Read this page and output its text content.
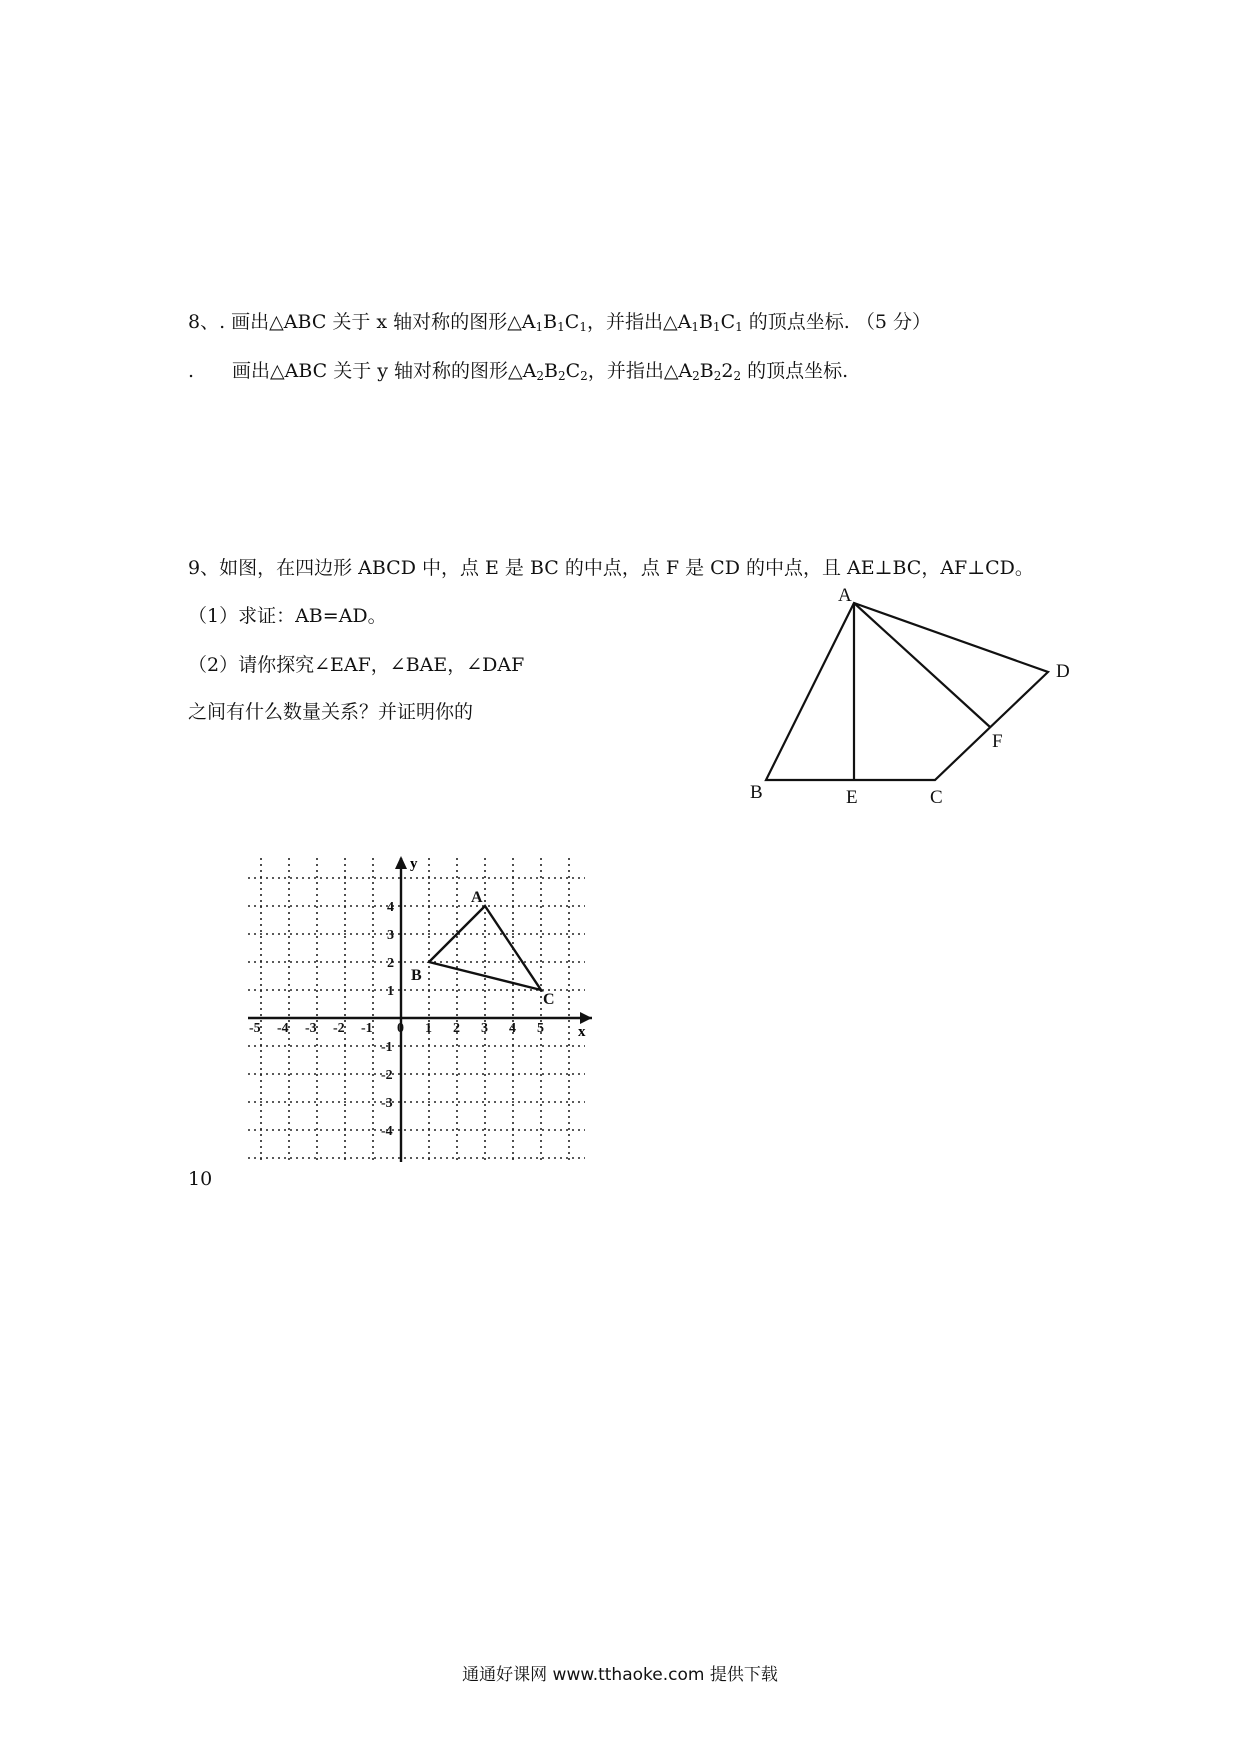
8、. 画出△ABC 关于 x 轴对称的图形$\triangle A_1B_1C_1$，并指出$\triangle A_1B_1C_1$ 的顶点坐标. （5 分）
. 画出△ABC 关于 y 轴对称的图形$\triangle A_2B_2C_2$，并指出$\triangle A_2B_22_2$ 的顶点坐标.
9、如图，在四边形 ABCD 中，点 E 是 BC 的中点，点 F 是 CD 的中点，且 AE⊥BC，AF⊥CD。
（1）求证：AB=AD。
（2）请你探究∠EAF，∠BAE，∠DAF
之间有什么数量关系？并证明你的
A
B	C
D
E
F
-5 -4 -3 -2 -1 0 1 2 3 4 5
1
2
3
4
-1
-2
-3
-4
x
y
A
B
C
10
通通好课网 www.tthaoke.com 提供下载
